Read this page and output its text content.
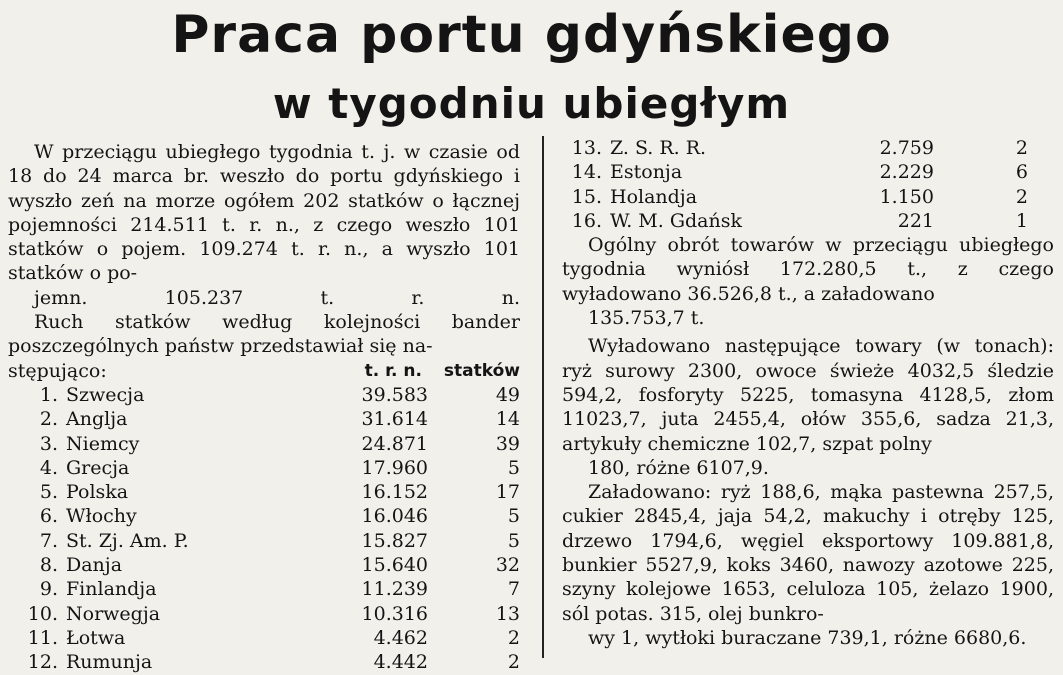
Praca portu gdyńskiego
w tygodniu ubiegłym

W przeciągu ubiegłego tygodnia t. j. w czasie od 18 do 24 marca br. weszło do portu gdyńskiego i wyszło zeń na morze ogółem 202 statków o łącznej pojemności 214.511 t. r. n., z czego weszło 101 statków o pojem. 109.274 t. r. n., a wyszło 101 statków o po-
jemn. 105.237 t. r. n.

Ruch statków według kolejności bander poszczególnych państw przedstawiał się na-

stępująco:	t. r. n.	statków
1. Szwecja	39.583	49
2. Anglja	31.614	14
3. Niemcy	24.871	39
4. Grecja	17.960	5
5. Polska	16.152	17
6. Włochy	16.046	5
7. St. Zj. Am. P.	15.827	5
8. Danja	15.640	32
9. Finlandja	11.239	7
10. Norwegja	10.316	13
11. Łotwa	4.462	2
12. Rumunja	4.442	2
13. Z. S. R. R.	2.759	2
14. Estonja	2.229	6
15. Holandja	1.150	2
16. W. M. Gdańsk	221	1

Ogólny obrót towarów w przeciągu ubiegłego tygodnia wyniósł 172.280,5 t., z czego wyładowano 36.526,8 t., a załadowano
135.753,7 t.

Wyładowano następujące towary (w tonach): ryż surowy 2300, owoce świeże 4032,5 śledzie 594,2, fosforyty 5225, tomasyna 4128,5, złom 11023,7, juta 2455,4, ołów 355,6, sadza 21,3, artykuły chemiczne 102,7, szpat polny
180, różne 6107,9.

Załadowano: ryż 188,6, mąka pastewna 257,5, cukier 2845,4, jaja 54,2, makuchy i otręby 125, drzewo 1794,6, węgiel eksportowy 109.881,8, bunkier 5527,9, koks 3460, nawozy azotowe 225, szyny kolejowe 1653, celuloza 105, żelazo 1900, sól potas. 315, olej bunkro-
wy 1, wytłoki buraczane 739,1, różne 6680,6.
